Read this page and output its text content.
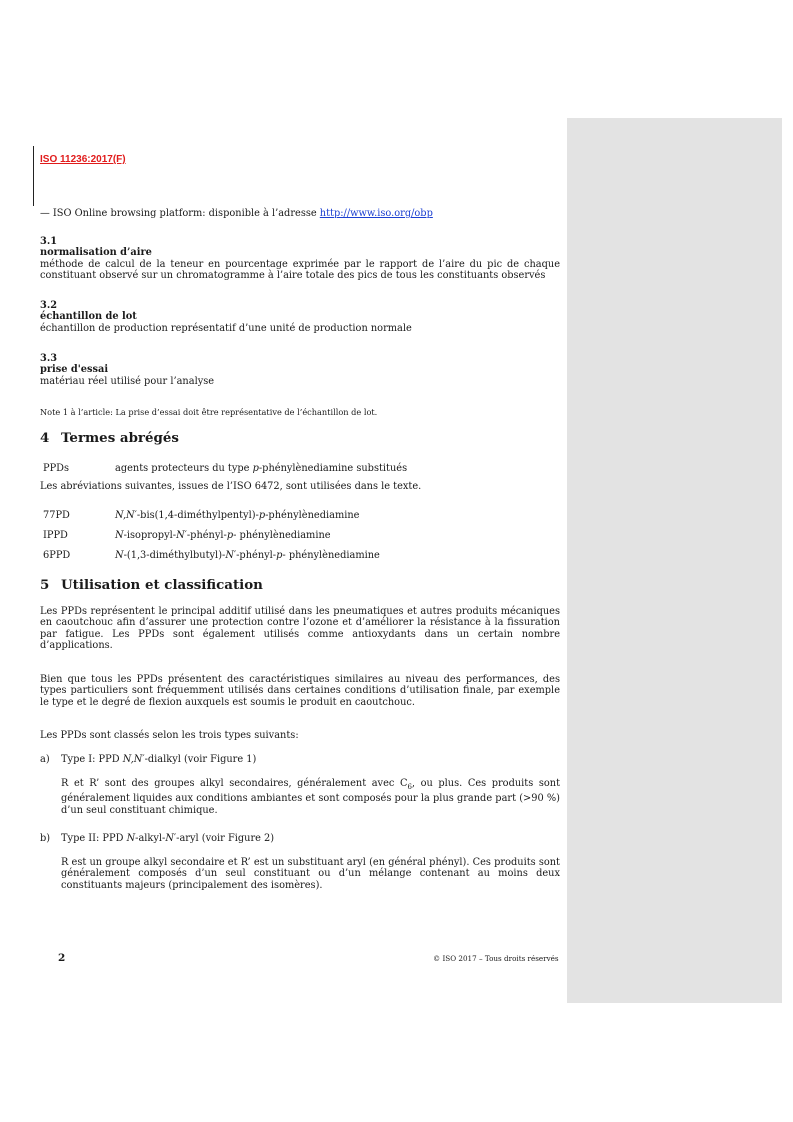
ISO 11236:2017(F)
— ISO Online browsing platform: disponible à l’adresse http://www.iso.org/obp
3.1
normalisation d’aire
méthode de calcul de la teneur en pourcentage exprimée par le rapport de l’aire du pic de chaque constituant observé sur un chromatogramme à l’aire totale des pics de tous les constituants observés
3.2
échantillon de lot
échantillon de production représentatif d’une unité de production normale
3.3
prise d'essai
matériau réel utilisé pour l’analyse
Note 1 à l’article: La prise d’essai doit être représentative de l’échantillon de lot.
4 Termes abrégés
PPDs	agents protecteurs du type p-phénylènediamine substitués
Les abréviations suivantes, issues de l’ISO 6472, sont utilisées dans le texte.
77PD	N,N′-bis(1,4-diméthylpentyl)-p-phénylènediamine
IPPD	N-isopropyl-N′-phényl-p- phénylènediamine
6PPD	N-(1,3-diméthylbutyl)-N′-phényl-p- phénylènediamine
5 Utilisation et classification
Les PPDs représentent le principal additif utilisé dans les pneumatiques et autres produits mécaniques en caoutchouc afin d’assurer une protection contre l’ozone et d’améliorer la résistance à la fissuration par fatigue. Les PPDs sont également utilisés comme antioxydants dans un certain nombre d’applications.
Bien que tous les PPDs présentent des caractéristiques similaires au niveau des performances, des types particuliers sont fréquemment utilisés dans certaines conditions d’utilisation finale, par exemple le type et le degré de flexion auxquels est soumis le produit en caoutchouc.
Les PPDs sont classés selon les trois types suivants:
a) Type I: PPD N,N′-dialkyl (voir Figure 1)
R et R’ sont des groupes alkyl secondaires, généralement avec $C_6$, ou plus. Ces produits sont généralement liquides aux conditions ambiantes et sont composés pour la plus grande part (>90 %) d’un seul constituant chimique.
b) Type II: PPD N-alkyl-N′-aryl (voir Figure 2)
R est un groupe alkyl secondaire et R’ est un substituant aryl (en général phényl). Ces produits sont généralement composés d’un seul constituant ou d’un mélange contenant au moins deux constituants majeurs (principalement des isomères).
2	© ISO 2017 – Tous droits réservés
